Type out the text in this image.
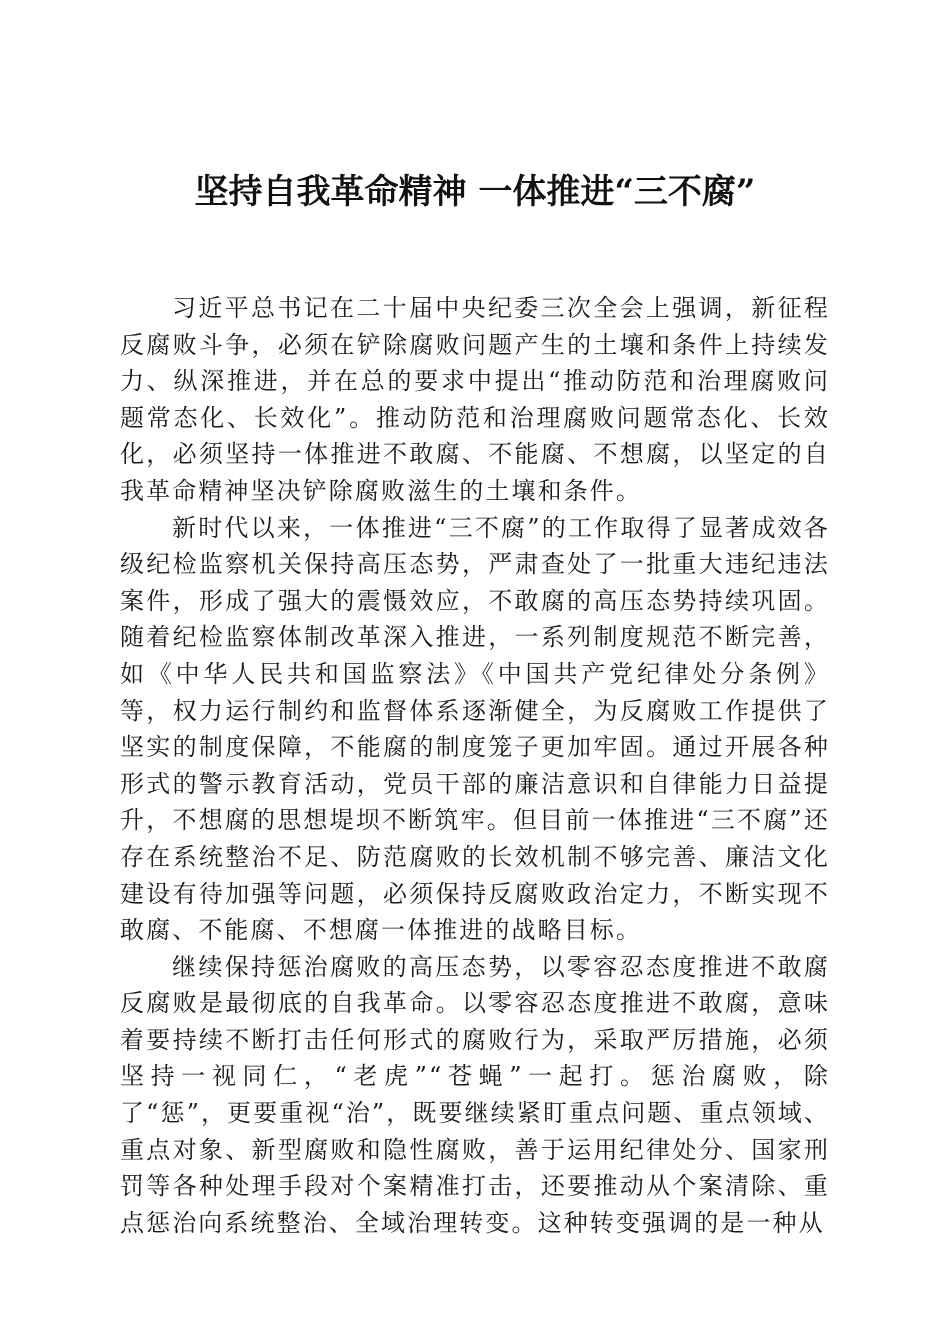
坚持自我革命精神 一体推进“三不腐”

习近平总书记在二十届中央纪委三次全会上强调，新征程反腐败斗争，必须在铲除腐败问题产生的土壤和条件上持续发力、纵深推进，并在总的要求中提出“推动防范和治理腐败问题常态化、长效化”。推动防范和治理腐败问题常态化、长效化，必须坚持一体推进不敢腐、不能腐、不想腐，以坚定的自我革命精神坚决铲除腐败滋生的土壤和条件。

新时代以来，一体推进“三不腐”的工作取得了显著成效各级纪检监察机关保持高压态势，严肃查处了一批重大违纪违法案件，形成了强大的震慑效应，不敢腐的高压态势持续巩固。随着纪检监察体制改革深入推进，一系列制度规范不断完善，如《中华人民共和国监察法》《中国共产党纪律处分条例》等，权力运行制约和监督体系逐渐健全，为反腐败工作提供了坚实的制度保障，不能腐的制度笼子更加牢固。通过开展各种形式的警示教育活动，党员干部的廉洁意识和自律能力日益提升，不想腐的思想堤坝不断筑牢。但目前一体推进“三不腐”还存在系统整治不足、防范腐败的长效机制不够完善、廉洁文化建设有待加强等问题，必须保持反腐败政治定力，不断实现不敢腐、不能腐、不想腐一体推进的战略目标。

继续保持惩治腐败的高压态势，以零容忍态度推进不敢腐反腐败是最彻底的自我革命。以零容忍态度推进不敢腐，意味着要持续不断打击任何形式的腐败行为，采取严厉措施，必须坚持一视同仁，“老虎”“苍蝇”一起打。惩治腐败，除了“惩”，更要重视“治”，既要继续紧盯重点问题、重点领域、重点对象、新型腐败和隐性腐败，善于运用纪律处分、国家刑罚等各种处理手段对个案精准打击，还要推动从个案清除、重点惩治向系统整治、全域治理转变。这种转变强调的是一种从
